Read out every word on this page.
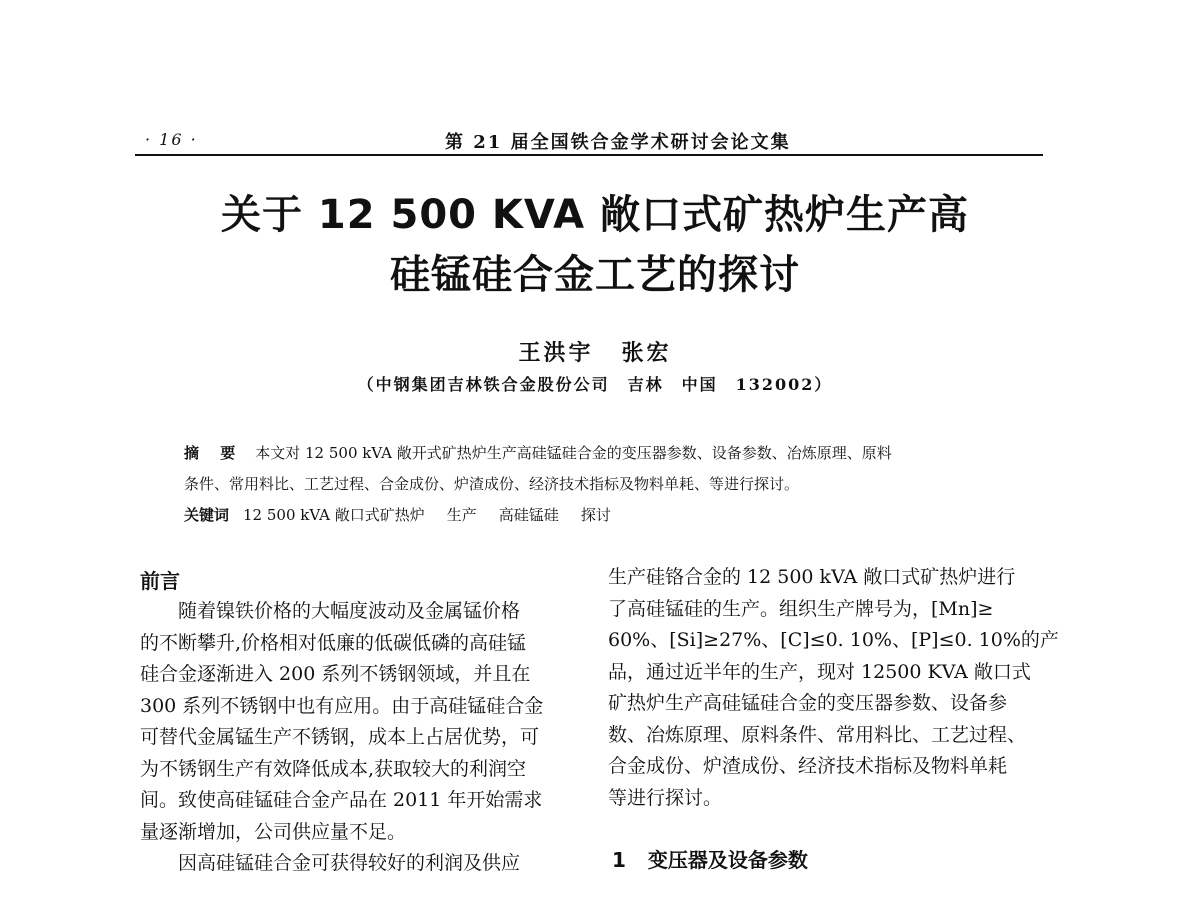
· 16 ·	第 21 届全国铁合金学术研讨会论文集
关于 12 500 KVA 敞口式矿热炉生产高
硅锰硅合金工艺的探讨
王洪宇 张宏
（中钢集团吉林铁合金股份公司　吉林　中国　132002）
摘 要 本文对 12 500 kVA 敞开式矿热炉生产高硅锰硅合金的变压器参数、设备参数、冶炼原理、原料
条件、常用料比、工艺过程、合金成份、炉渣成份、经济技术指标及物料单耗、等进行探讨。
关键词 12 500 kVA 敞口式矿热炉 生产 高硅锰硅 探讨
前言
　　随着镍铁价格的大幅度波动及金属锰价格
的不断攀升,价格相对低廉的低碳低磷的高硅锰
硅合金逐渐进入 200 系列不锈钢领域，并且在
300 系列不锈钢中也有应用。由于高硅锰硅合金
可替代金属锰生产不锈钢，成本上占居优势，可
为不锈钢生产有效降低成本,获取较大的利润空
间。致使高硅锰硅合金产品在 2011 年开始需求
量逐渐增加，公司供应量不足。
　　因高硅锰硅合金可获得较好的利润及供应
生产硅铬合金的 12 500 kVA 敞口式矿热炉进行
了高硅锰硅的生产。组织生产牌号为，[Mn]≥
60%、[Si]≥27%、[C]≤0. 10%、[P]≤0. 10%的产
品，通过近半年的生产，现对 12500 KVA 敞口式
矿热炉生产高硅锰硅合金的变压器参数、设备参
数、冶炼原理、原料条件、常用料比、工艺过程、
合金成份、炉渣成份、经济技术指标及物料单耗
等进行探讨。
1 变压器及设备参数
